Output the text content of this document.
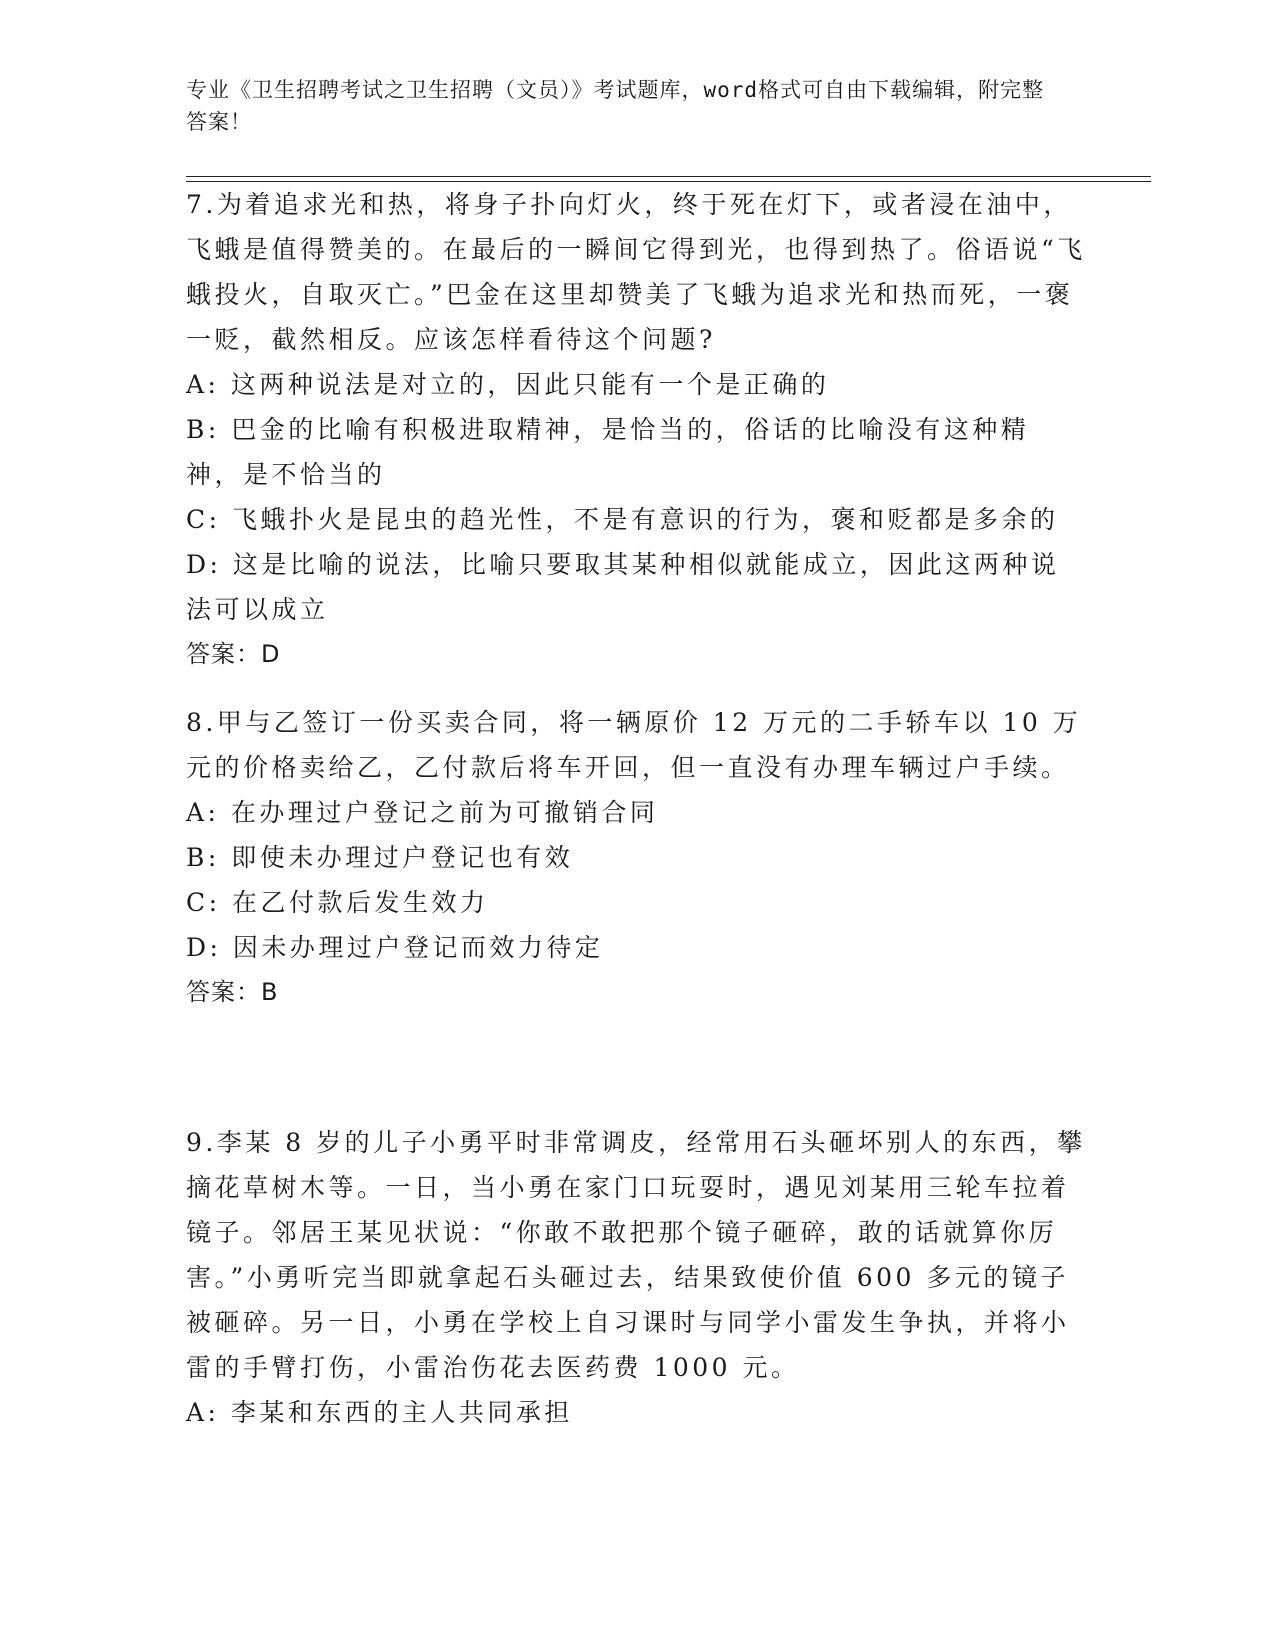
专业《卫生招聘考试之卫生招聘（文员）》考试题库，word格式可自由下载编辑，附完整答案！

7.为着追求光和热，将身子扑向灯火，终于死在灯下，或者浸在油中，飞蛾是值得赞美的。在最后的一瞬间它得到光，也得到热了。俗语说“飞蛾投火，自取灭亡。”巴金在这里却赞美了飞蛾为追求光和热而死，一褒一贬，截然相反。应该怎样看待这个问题?

A: 这两种说法是对立的，因此只能有一个是正确的

B: 巴金的比喻有积极进取精神，是恰当的，俗话的比喻没有这种精神，是不恰当的

C: 飞蛾扑火是昆虫的趋光性，不是有意识的行为，褒和贬都是多余的

D: 这是比喻的说法，比喻只要取其某种相似就能成立，因此这两种说法可以成立

答案：D

8.甲与乙签订一份买卖合同，将一辆原价 12 万元的二手轿车以 10 万元的价格卖给乙，乙付款后将车开回，但一直没有办理车辆过户手续。

A: 在办理过户登记之前为可撤销合同

B: 即使未办理过户登记也有效

C: 在乙付款后发生效力

D: 因未办理过户登记而效力待定

答案：B

9.李某 8 岁的儿子小勇平时非常调皮，经常用石头砸坏别人的东西，攀摘花草树木等。一日，当小勇在家门口玩耍时，遇见刘某用三轮车拉着镜子。邻居王某见状说：“你敢不敢把那个镜子砸碎，敢的话就算你厉害。”小勇听完当即就拿起石头砸过去，结果致使价值 600 多元的镜子被砸碎。另一日，小勇在学校上自习课时与同学小雷发生争执，并将小雷的手臂打伤，小雷治伤花去医药费 1000 元。

A: 李某和东西的主人共同承担
